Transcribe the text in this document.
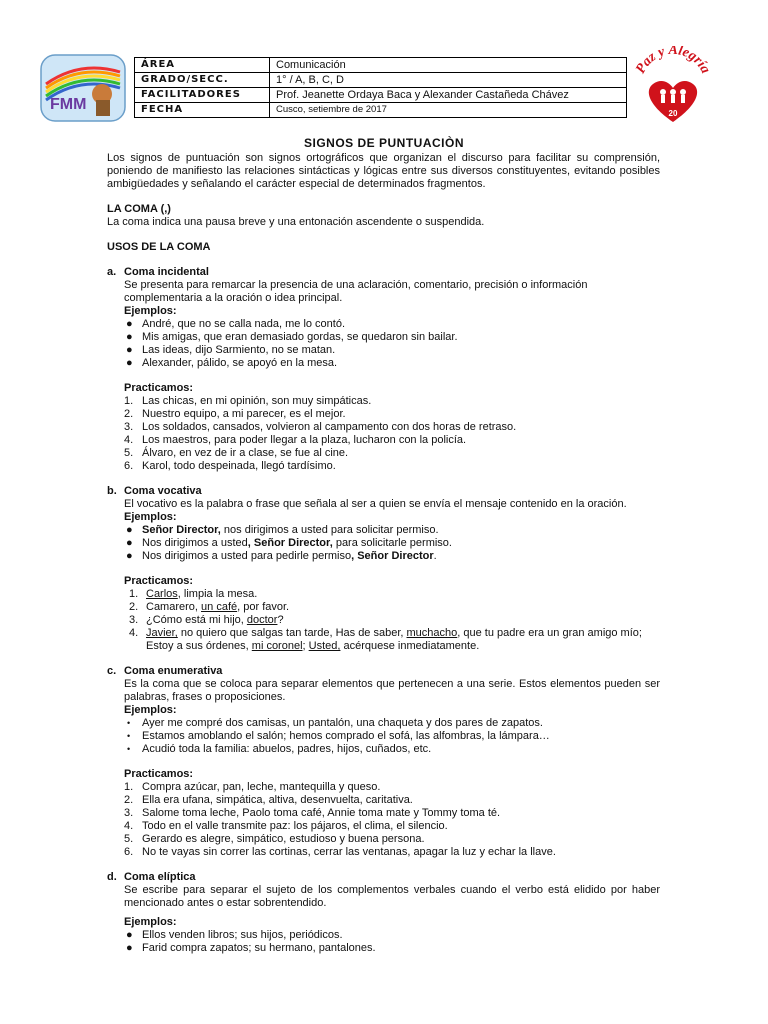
FMM
Paz y Alegría
20
ÁREA	Comunicación
GRADO/SECC.	1° / A, B, C, D
FACILITADORES	Prof. Jeanette Ordaya Baca y Alexander Castañeda Chávez
FECHA	Cusco, setiembre de 2017
SIGNOS DE PUNTUACIÒN

Los signos de puntuación son signos ortográficos que organizan el discurso para facilitar su comprensión, poniendo de manifiesto las relaciones sintácticas y lógicas entre sus diversos constituyentes, evitando posibles ambigüedades y señalando el carácter especial de determinados fragmentos.

LA COMA (,)

La coma indica una pausa breve y una entonación ascendente o suspendida.

USOS DE LA COMA

a. Coma incidental

Se presenta para remarcar la presencia de una aclaración, comentario, precisión o información complementaria a la oración o idea principal.

Ejemplos:

● André, que no se calla nada, me lo contó.
● Mis amigas, que eran demasiado gordas, se quedaron sin bailar.
● Las ideas, dijo Sarmiento, no se matan.
● Alexander, pálido, se apoyó en la mesa.

Practicamos:

1. Las chicas, en mi opinión, son muy simpáticas.
2. Nuestro equipo, a mi parecer, es el mejor.
3. Los soldados, cansados, volvieron al campamento con dos horas de retraso.
4. Los maestros, para poder llegar a la plaza, lucharon con la policía.
5. Álvaro, en vez de ir a clase, se fue al cine.
6. Karol, todo despeinada, llegó tardísimo.
b. Coma vocativa

El vocativo es la palabra o frase que señala al ser a quien se envía el mensaje contenido en la oración.

Ejemplos:

● Señor Director, nos dirigimos a usted para solicitar permiso.
● Nos dirigimos a usted, Señor Director, para solicitarle permiso.
● Nos dirigimos a usted para pedirle permiso, Señor Director.

Practicamos:

1. Carlos, limpia la mesa.
2. Camarero, un café, por favor.
3. ¿Cómo está mi hijo, doctor?
4. Javier, no quiero que salgas tan tarde, Has de saber, muchacho, que tu padre era un gran amigo mío;
Estoy a sus órdenes, mi coronel; Usted, acérquese inmediatamente.
c. Coma enumerativa

Es la coma que se coloca para separar elementos que pertenecen a una serie. Estos elementos pueden ser palabras, frases o proposiciones.

Ejemplos:

• Ayer me compré dos camisas, un pantalón, una chaqueta y dos pares de zapatos.
• Estamos amoblando el salón; hemos comprado el sofá, las alfombras, la lámpara…
• Acudió toda la familia: abuelos, padres, hijos, cuñados, etc.

Practicamos:

1. Compra azúcar, pan, leche, mantequilla y queso.
2. Ella era ufana, simpática, altiva, desenvuelta, caritativa.
3. Salome toma leche, Paolo toma café, Annie toma mate y Tommy toma té.
4. Todo en el valle transmite paz: los pájaros, el clima, el silencio.
5. Gerardo es alegre, simpático, estudioso y buena persona.
6. No te vayas sin correr las cortinas, cerrar las ventanas, apagar la luz y echar la llave.
d. Coma elíptica

Se escribe para separar el sujeto de los complementos verbales cuando el verbo está elidido por haber mencionado antes o estar sobrentendido.

Ejemplos:

● Ellos venden libros; sus hijos, periódicos.
● Farid compra zapatos; su hermano, pantalones.
